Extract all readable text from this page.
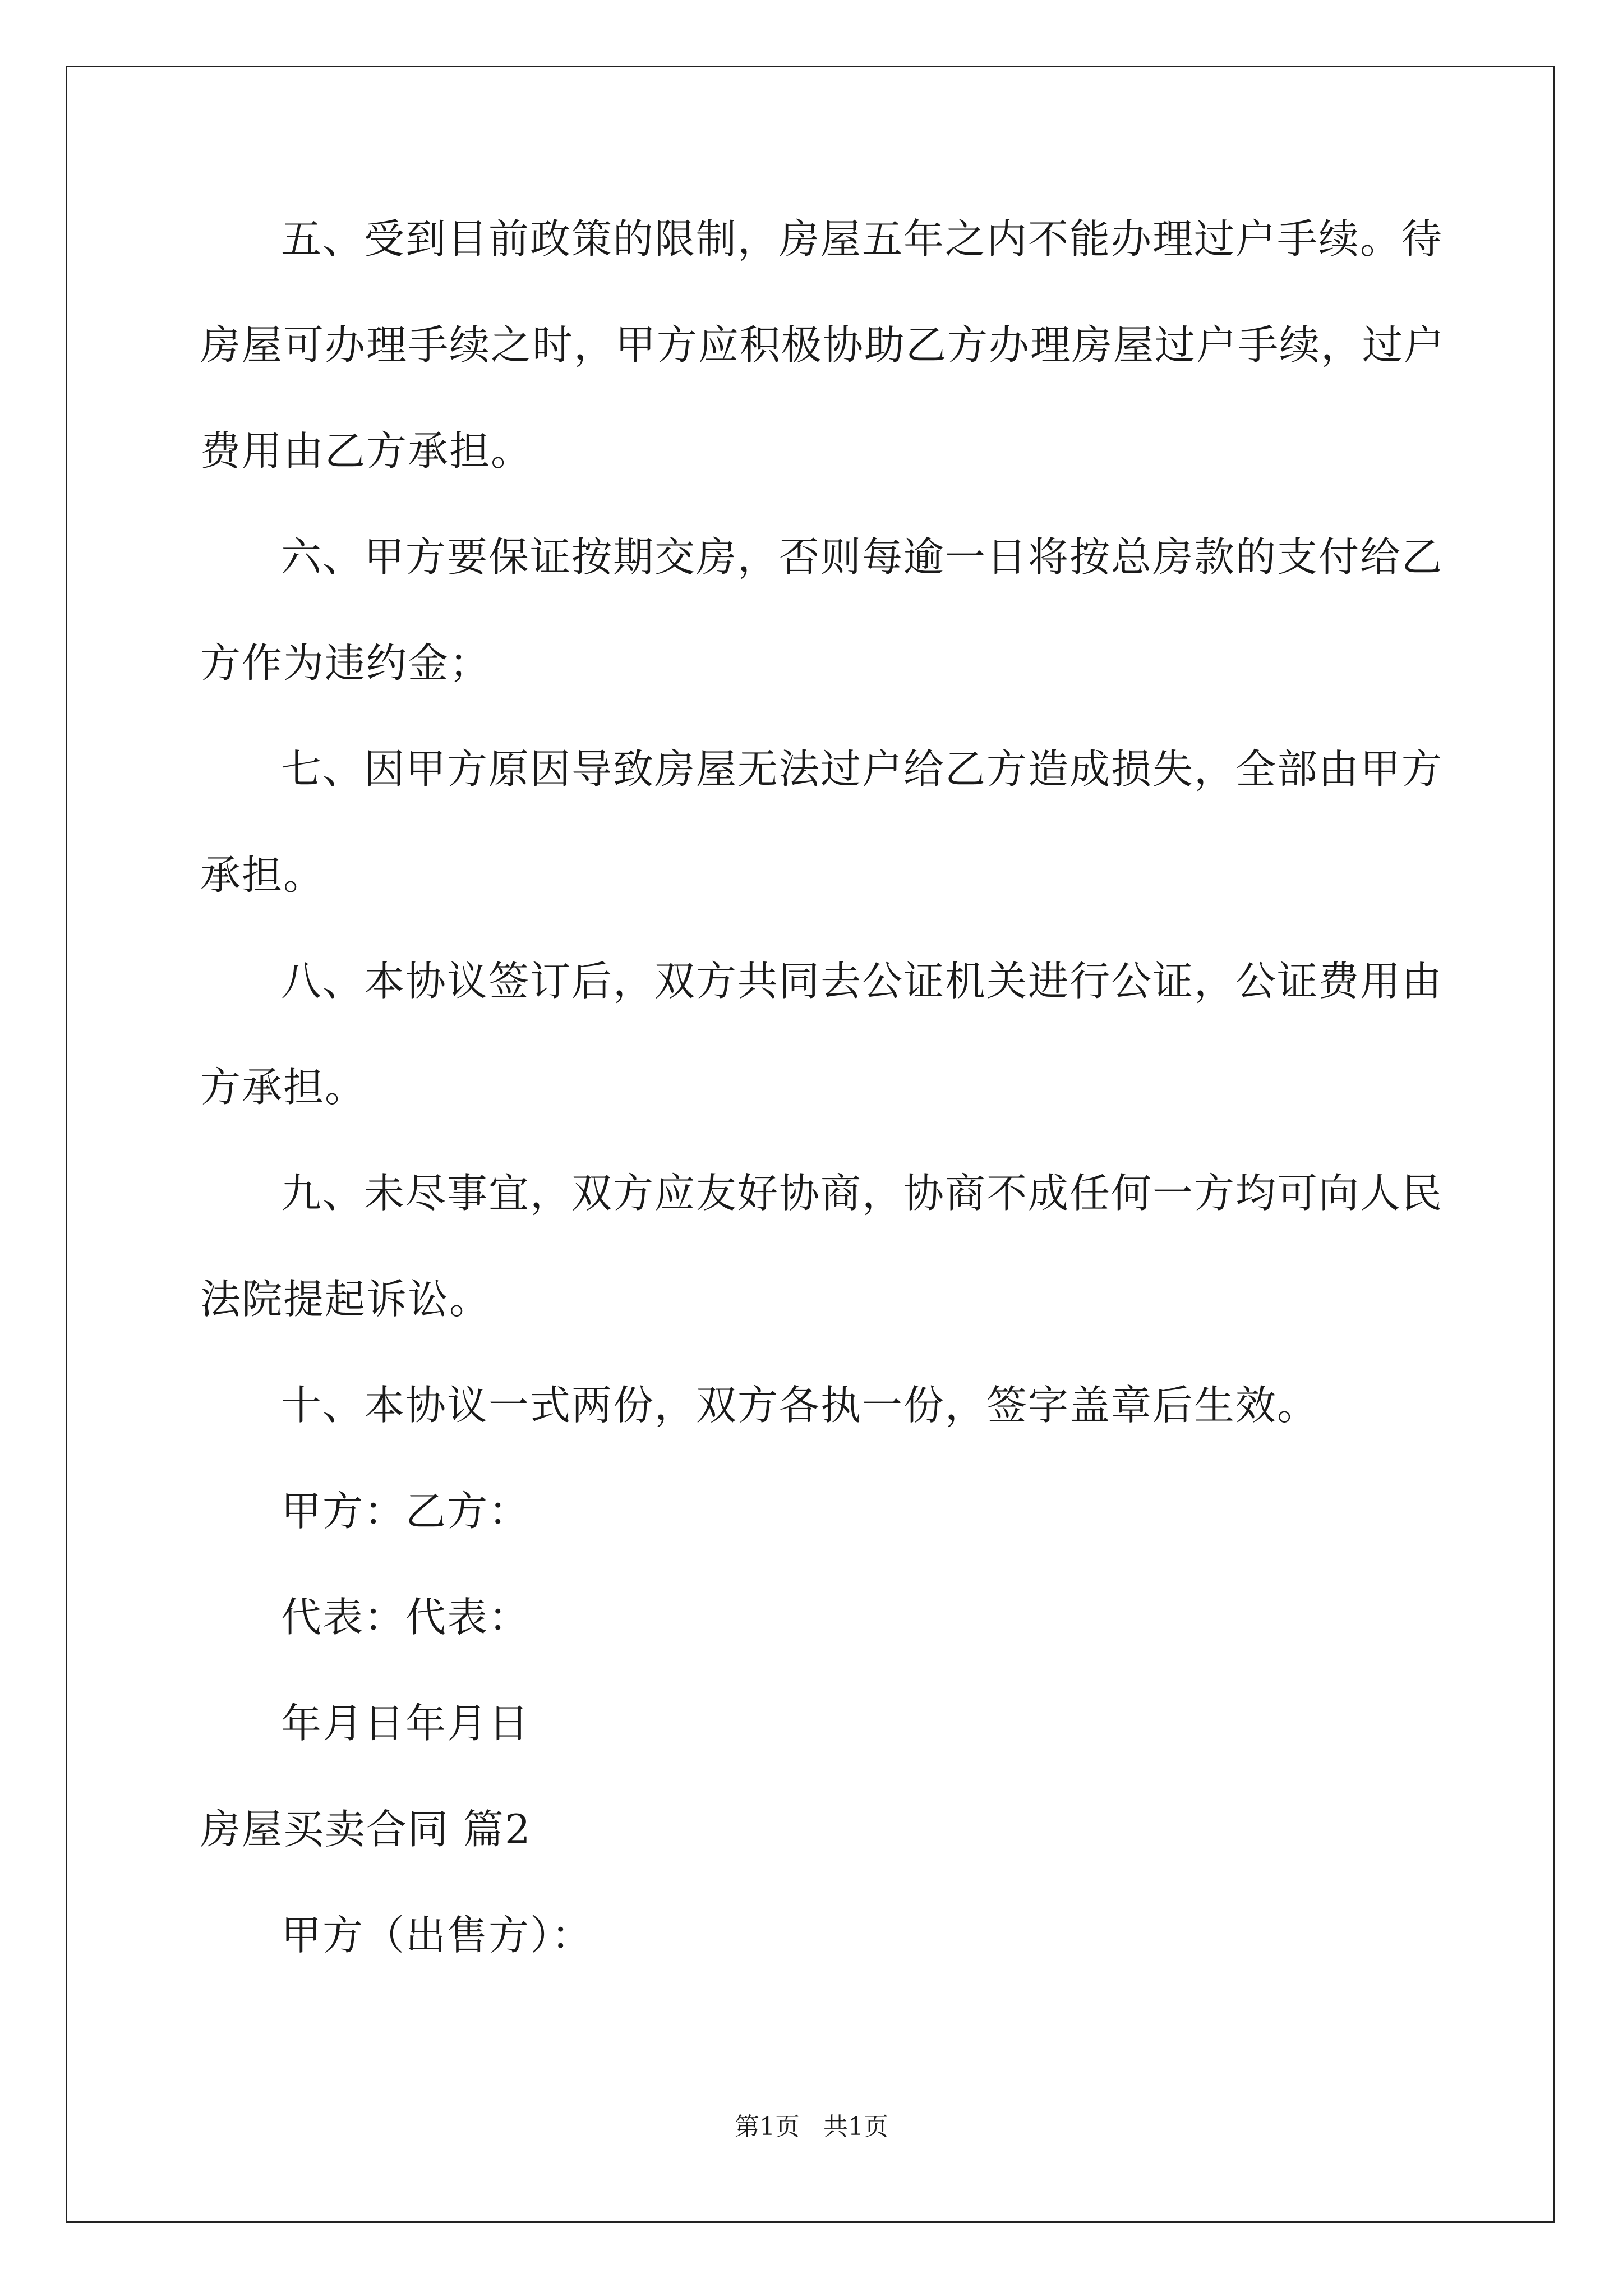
五、受到目前政策的限制，房屋五年之内不能办理过户手续。待
房屋可办理手续之时，甲方应积极协助乙方办理房屋过户手续，过户
费用由乙方承担。
六、甲方要保证按期交房，否则每逾一日将按总房款的支付给乙
方作为违约金；
七、因甲方原因导致房屋无法过户给乙方造成损失，全部由甲方
承担。
八、本协议签订后，双方共同去公证机关进行公证，公证费用由
方承担。
九、未尽事宜，双方应友好协商，协商不成任何一方均可向人民
法院提起诉讼。
十、本协议一式两份，双方各执一份，签字盖章后生效。
甲方：乙方：
代表：代表：
年月日年月日
房屋买卖合同 篇2
甲方（出售方）：
第1页   共1页
